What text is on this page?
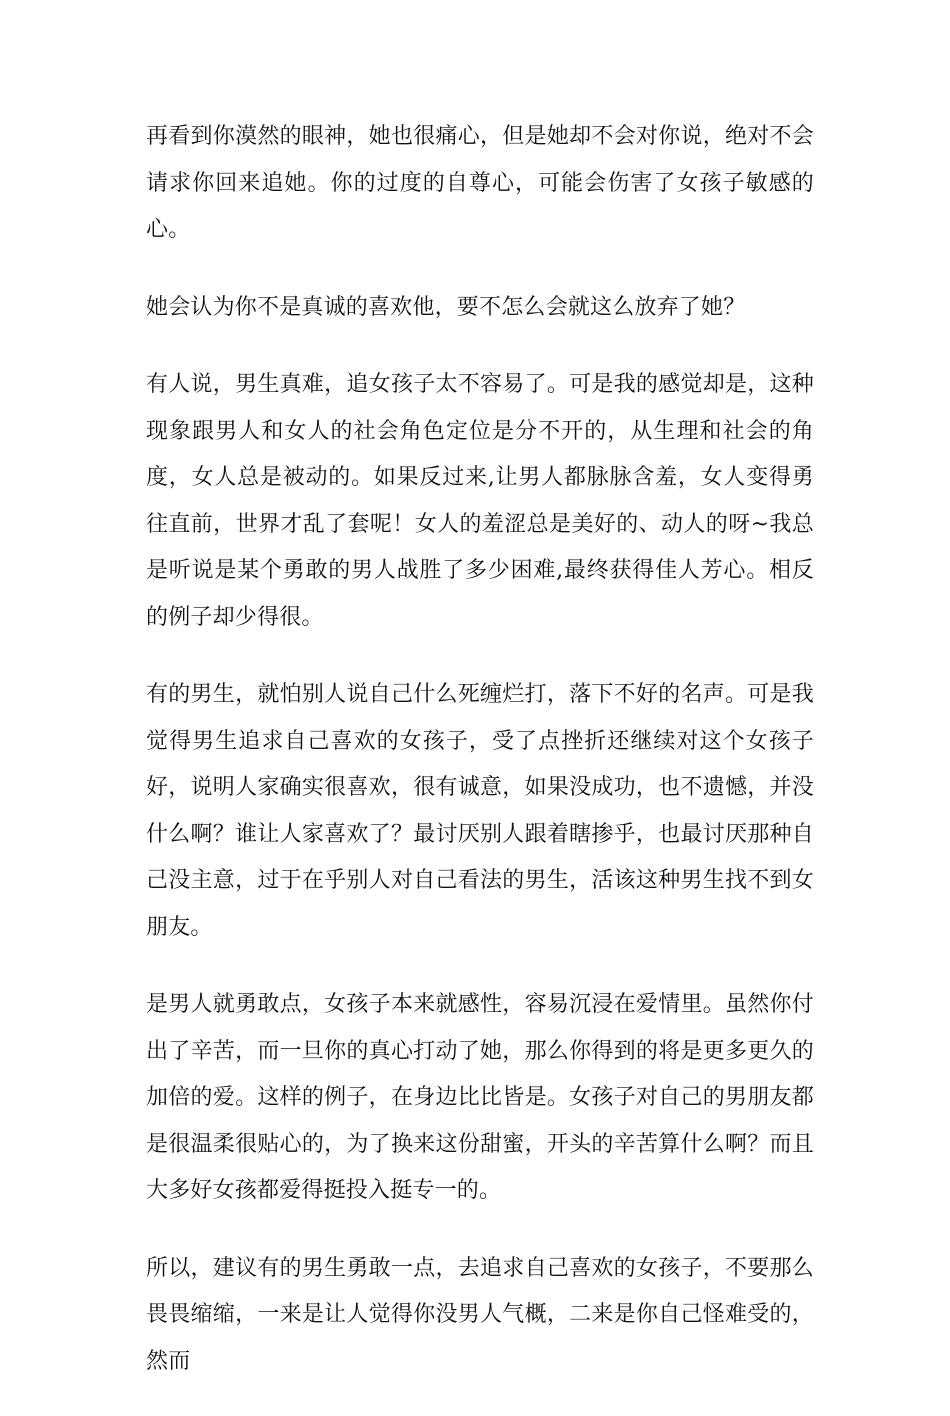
再看到你漠然的眼神，她也很痛心，但是她却不会对你说，绝对不会请求你回来追她。你的过度的自尊心，可能会伤害了女孩子敏感的心。

她会认为你不是真诚的喜欢他，要不怎么会就这么放弃了她？

有人说，男生真难，追女孩子太不容易了。可是我的感觉却是，这种现象跟男人和女人的社会角色定位是分不开的，从生理和社会的角度，女人总是被动的。如果反过来,让男人都脉脉含羞，女人变得勇往直前，世界才乱了套呢！女人的羞涩总是美好的、动人的呀~我总是听说是某个勇敢的男人战胜了多少困难,最终获得佳人芳心。相反的例子却少得很。

有的男生，就怕别人说自己什么死缠烂打，落下不好的名声。可是我觉得男生追求自己喜欢的女孩子，受了点挫折还继续对这个女孩子好，说明人家确实很喜欢，很有诚意，如果没成功，也不遗憾，并没什么啊？谁让人家喜欢了？最讨厌别人跟着瞎掺乎，也最讨厌那种自己没主意，过于在乎别人对自己看法的男生，活该这种男生找不到女朋友。

是男人就勇敢点，女孩子本来就感性，容易沉浸在爱情里。虽然你付出了辛苦，而一旦你的真心打动了她，那么你得到的将是更多更久的加倍的爱。这样的例子，在身边比比皆是。女孩子对自己的男朋友都是很温柔很贴心的，为了换来这份甜蜜，开头的辛苦算什么啊？而且大多好女孩都爱得挺投入挺专一的。

所以，建议有的男生勇敢一点，去追求自己喜欢的女孩子，不要那么畏畏缩缩，一来是让人觉得你没男人气概，二来是你自己怪难受的，然而
